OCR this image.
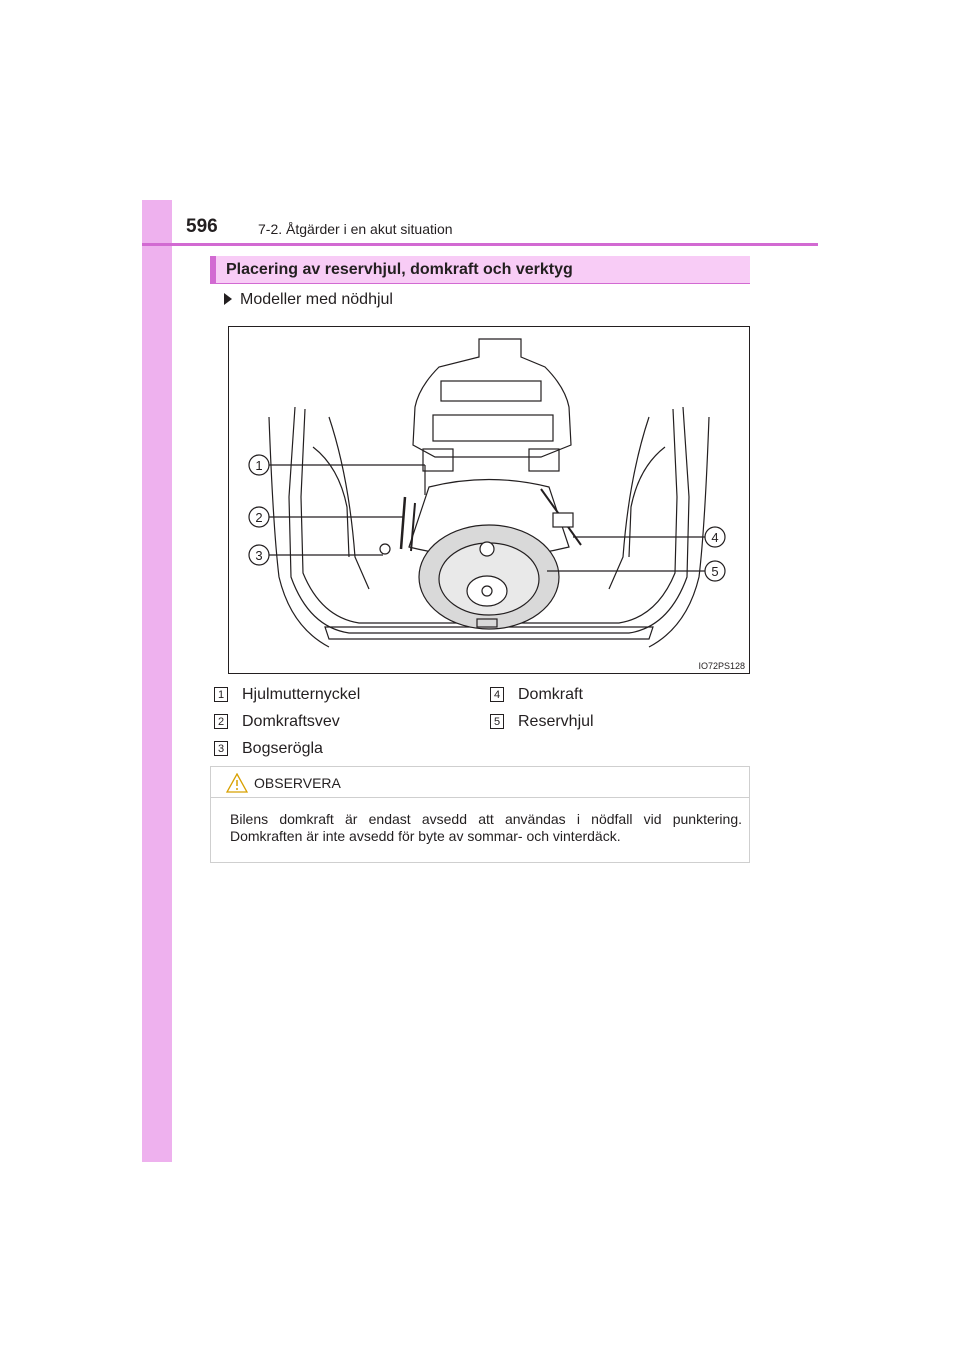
596	7-2. Åtgärder i en akut situation
Placering av reservhjul, domkraft och verktyg
Modeller med nödhjul
1
2
3
4
5
IO72PS128
1 Hjulmutternyckel
2 Domkraftsvev
3 Bogserögla
4 Domkraft
5 Reservhjul
OBSERVERA
Bilens domkraft är endast avsedd att användas i nödfall vid punktering. Domkraften är inte avsedd för byte av sommar- och vinterdäck.
